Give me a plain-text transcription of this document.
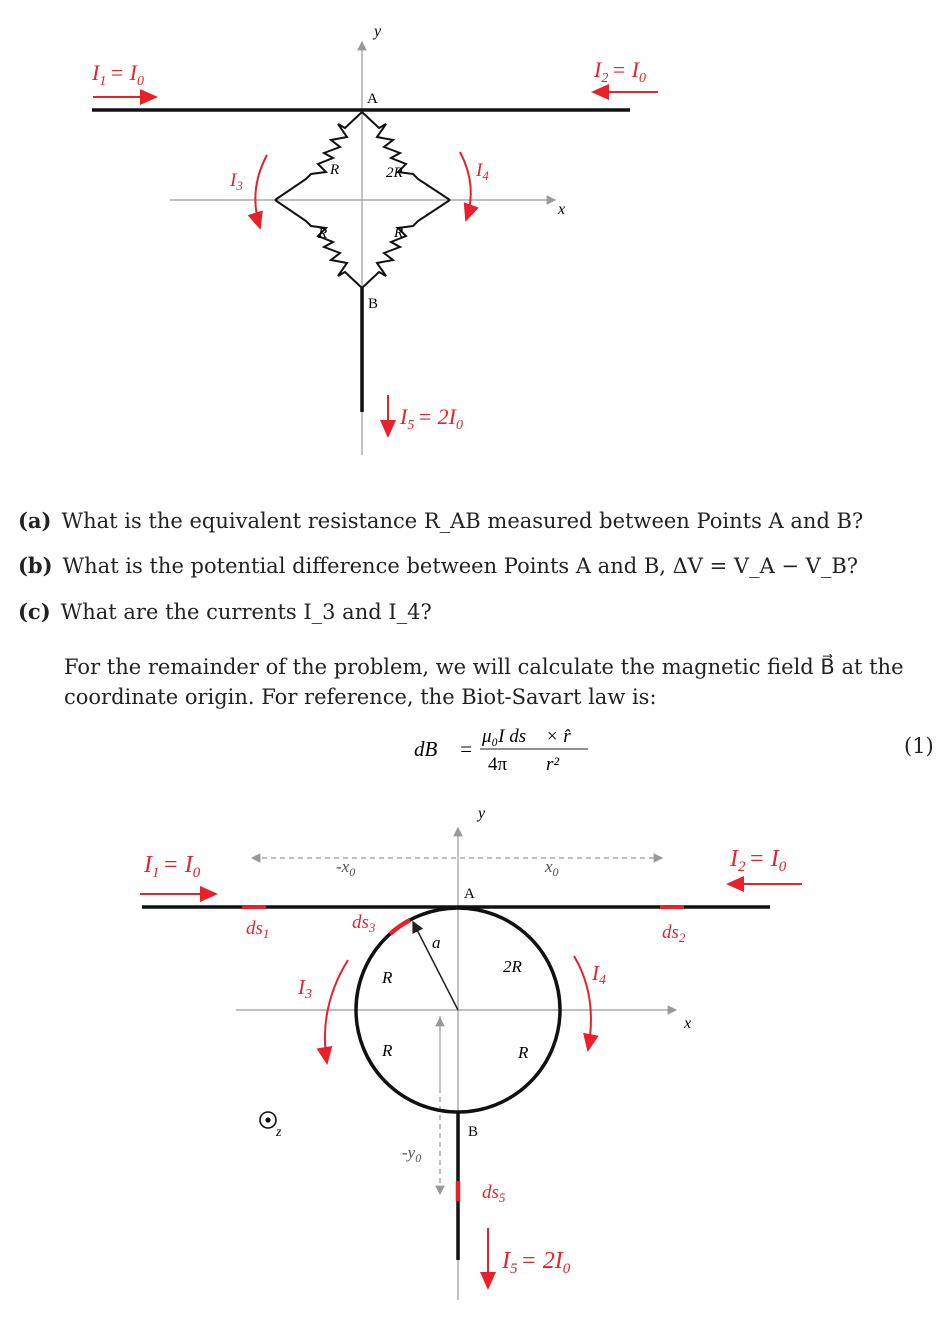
y
x
A
B
R	2R
R	R
$I_1 = I_0$	$I_2 = I_0$
$I_3$
$I_4$
$I_5 = 2I_0$
(a) What is the equivalent resistance R_AB measured between Points A and B?
(b) What is the potential difference between Points A and B, ΔV = V_A − V_B?
(c) What are the currents I_3 and I_4?
For the remainder of the problem, we will calculate the magnetic field B⃗ at the coordinate origin. For reference, the Biot-Savart law is:
dB⃗ =
μ₀I ds⃗ × r̂
4π r²
(1)
y
x
$-x_0$	$x_0$
$-y_0$
a
A
B
R
2R
R	R
$ds_1$	$ds_2$
$ds_3$
$ds_5$
$I_1 = I_0$
$I_2 = I_0$
I3
I4
$I_5 = 2I_0$
z
